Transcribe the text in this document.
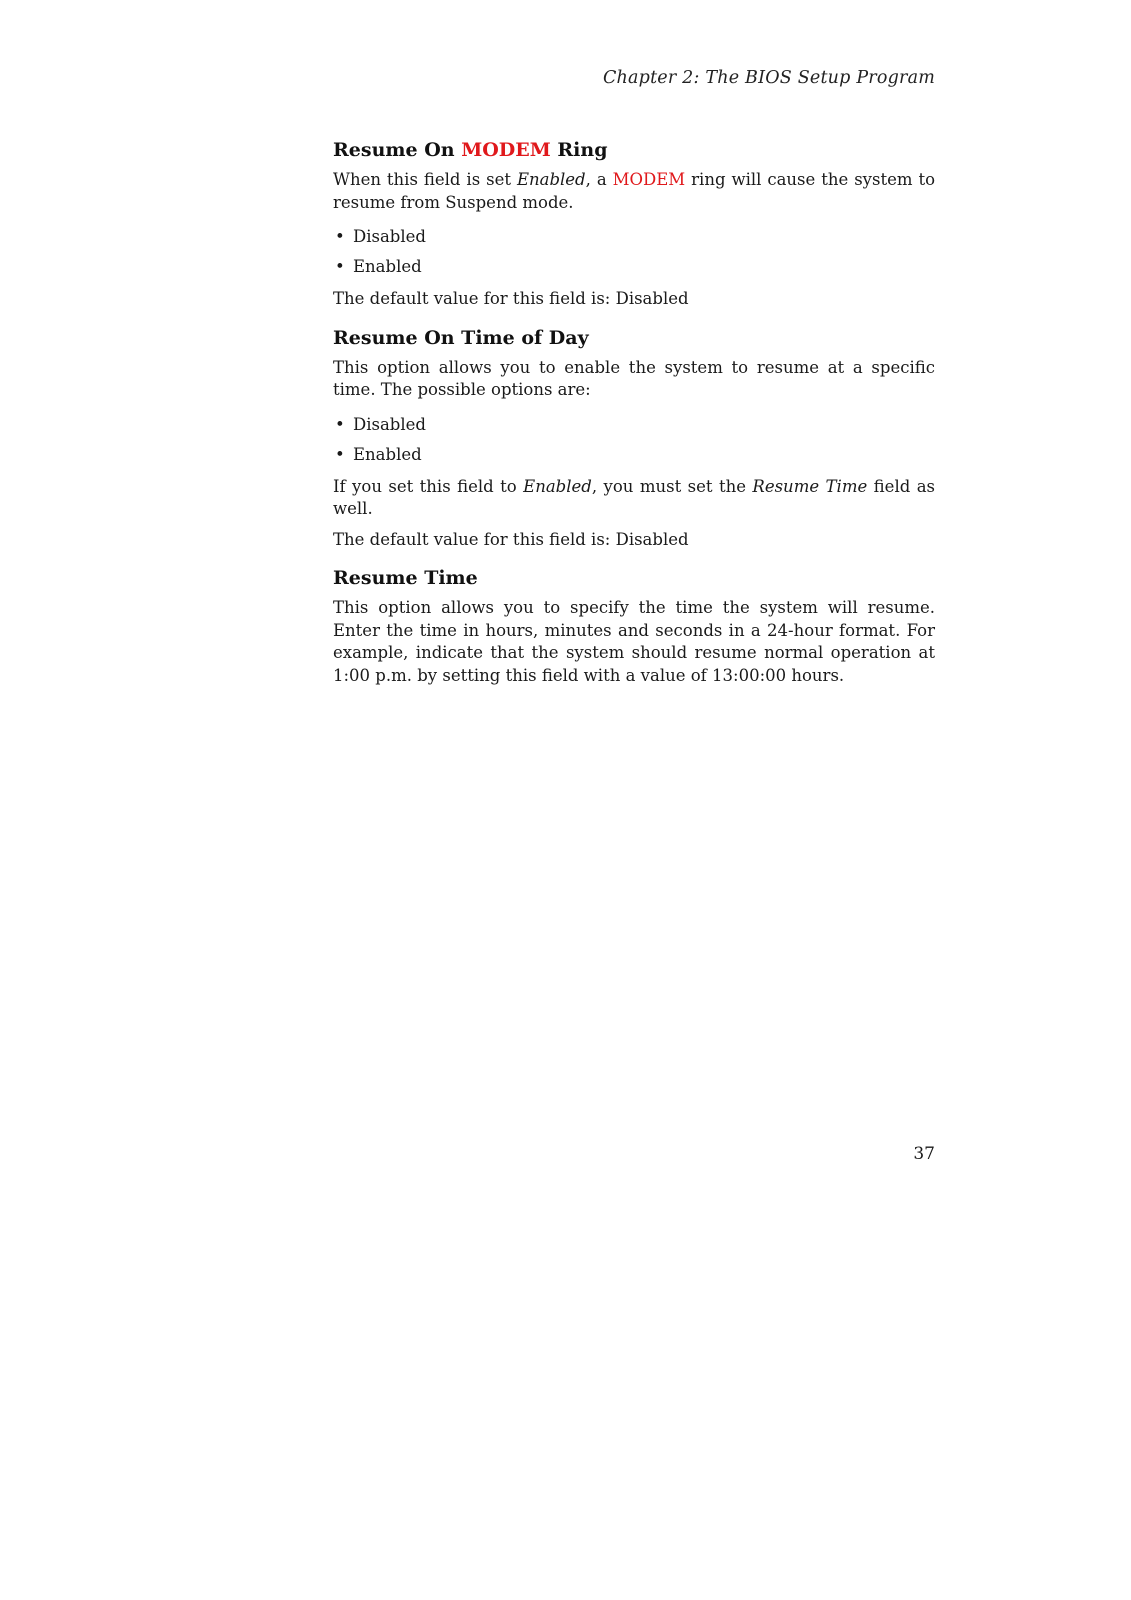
Chapter 2: The BIOS Setup Program
Resume On MODEM Ring

When this field is set Enabled, a MODEM ring will cause the system to resume from Suspend mode.

• Disabled
• Enabled

The default value for this field is: Disabled

Resume On Time of Day

This option allows you to enable the system to resume at a specific time. The possible options are:

• Disabled
• Enabled

If you set this field to Enabled, you must set the Resume Time field as well.

The default value for this field is: Disabled

Resume Time

This option allows you to specify the time the system will resume. Enter the time in hours, minutes and seconds in a 24-hour format. For example, indicate that the system should resume normal operation at 1:00 p.m. by setting this field with a value of 13:00:00 hours.

37
